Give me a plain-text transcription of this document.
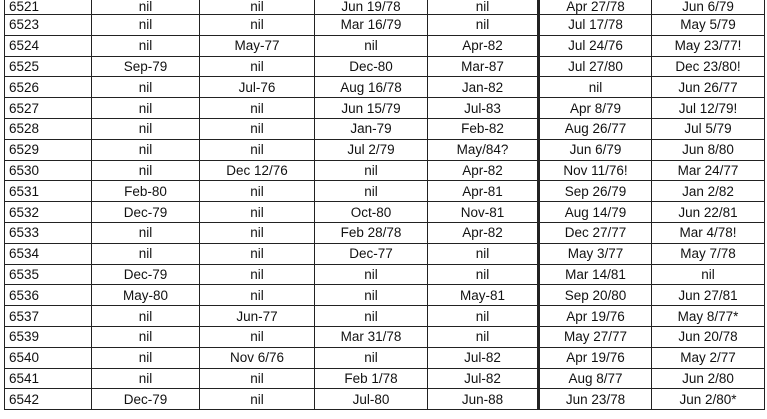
6521	nil	nil	Jun 19/78	nil	Apr 27/78	Jun 6/79
6523	nil	nil	Mar 16/79	nil	Jul 17/78	May 5/79
6524	nil	May-77	nil	Apr-82	Jul 24/76	May 23/77!
6525	Sep-79	nil	Dec-80	Mar-87	Jul 27/80	Dec 23/80!
6526	nil	Jul-76	Aug 16/78	Jan-82	nil	Jun 26/77
6527	nil	nil	Jun 15/79	Jul-83	Apr 8/79	Jul 12/79!
6528	nil	nil	Jan-79	Feb-82	Aug 26/77	Jul 5/79
6529	nil	nil	Jul 2/79	May/84?	Jun 6/79	Jun 8/80
6530	nil	Dec 12/76	nil	Apr-82	Nov 11/76!	Mar 24/77
6531	Feb-80	nil	nil	Apr-81	Sep 26/79	Jan 2/82
6532	Dec-79	nil	Oct-80	Nov-81	Aug 14/79	Jun 22/81
6533	nil	nil	Feb 28/78	Apr-82	Dec 27/77	Mar 4/78!
6534	nil	nil	Dec-77	nil	May 3/77	May 7/78
6535	Dec-79	nil	nil	nil	Mar 14/81	nil
6536	May-80	nil	nil	May-81	Sep 20/80	Jun 27/81
6537	nil	Jun-77	nil	nil	Apr 19/76	May 8/77*
6539	nil	nil	Mar 31/78	nil	May 27/77	Jun 20/78
6540	nil	Nov 6/76	nil	Jul-82	Apr 19/76	May 2/77
6541	nil	nil	Feb 1/78	Jul-82	Aug 8/77	Jun 2/80
6542	Dec-79	nil	Jul-80	Jun-88	Jun 23/78	Jun 2/80*
